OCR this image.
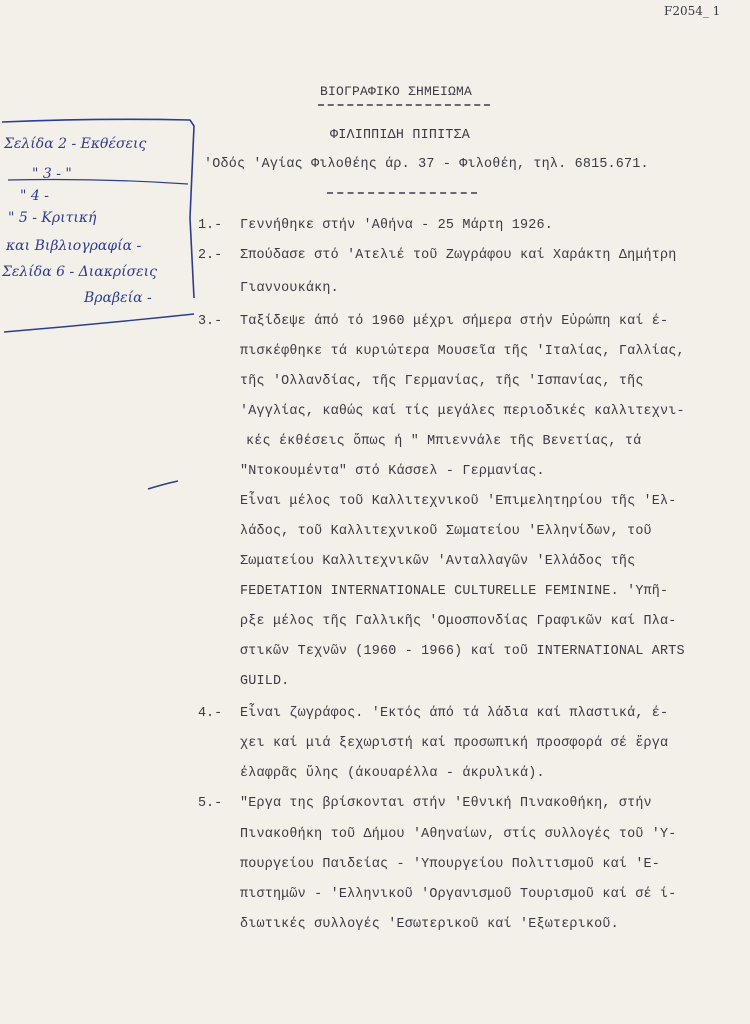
F2054_ 1
ΒΙΟΓΡΑΦΙΚΟ ΣΗΜΕΙΩΜΑ
ΦΙΛΙΠΠΙΔΗ ΠΙΠΙΤΣΑ
'Οδός 'Αγίας Φιλοθέης άρ. 37 - Φιλοθέη, τηλ. 6815.671.
1.-
2.-
3.-
4.-
5.-
Γεννήθηκε στήν 'Αθήνα - 25 Μάρτη 1926.
Σπούδασε στό 'Ατελιέ τοῦ Ζωγράφου καί Χαράκτη Δημήτρη
Γιαννουκάκη.
Ταξίδεψε άπό τό 1960 μέχρι σήμερα στήν Εὐρώπη καί έ-
πισκέφθηκε τά κυριώτερα Μουσεῖα τῆς 'Ιταλίας, Γαλλίας,
τῆς 'Ολλανδίας, τῆς Γερμανίας, τῆς 'Ισπανίας, τῆς
'Αγγλίας, καθώς καί τίς μεγάλες περιοδικές καλλιτεχνι-
κές έκθέσεις ὅπως ή " Μπιεννάλε τῆς Βενετίας, τά
"Ντοκουμέντα" στό Κάσσελ - Γερμανίας.
Εἶναι μέλος τοῦ Καλλιτεχνικοῦ 'Επιμελητηρίου τῆς 'Ελ-
λάδος, τοῦ Καλλιτεχνικοῦ Σωματείου 'Ελληνίδων, τοῦ
Σωματείου Καλλιτεχνικῶν 'Ανταλλαγῶν 'Ελλάδος τῆς
FEDETATION INTERNATIONALE CULTURELLE FEMININE. 'Υπῆ-
ρξε μέλος τῆς Γαλλικῆς 'Ομοσπονδίας Γραφικῶν καί Πλα-
στικῶν Τεχνῶν (1960 - 1966) καί τοῦ INTERNATIONAL ARTS
GUILD.
Εἶναι ζωγράφος. 'Εκτός άπό τά λάδια καί πλαστικά, έ-
χει καί μιά ξεχωριστή καί προσωπική προσφορά σέ ἔργα
έλαφρᾶς ὕλης (άκουαρέλλα - άκρυλικά).
"Εργα της βρίσκονται στήν 'Εθνική Πινακοθήκη, στήν
Πινακοθήκη τοῦ Δήμου 'Αθηναίων, στίς συλλογές τοῦ 'Υ-
πουργείου Παιδείας - 'Υπουργείου Πολιτισμοῦ καί 'Ε-
πιστημῶν - 'Ελληνικοῦ 'Οργανισμοῦ Τουρισμοῦ καί σέ ί-
διωτικές συλλογές 'Εσωτερικοῦ καί 'Εξωτερικοῦ.
Σελίδα 2 - Εκθέσεις
" 3 - "
" 4 -
" 5 - Κριτική
και Βιβλιογραφία -
Σελίδα 6 - Διακρίσεις
Βραβεία -
